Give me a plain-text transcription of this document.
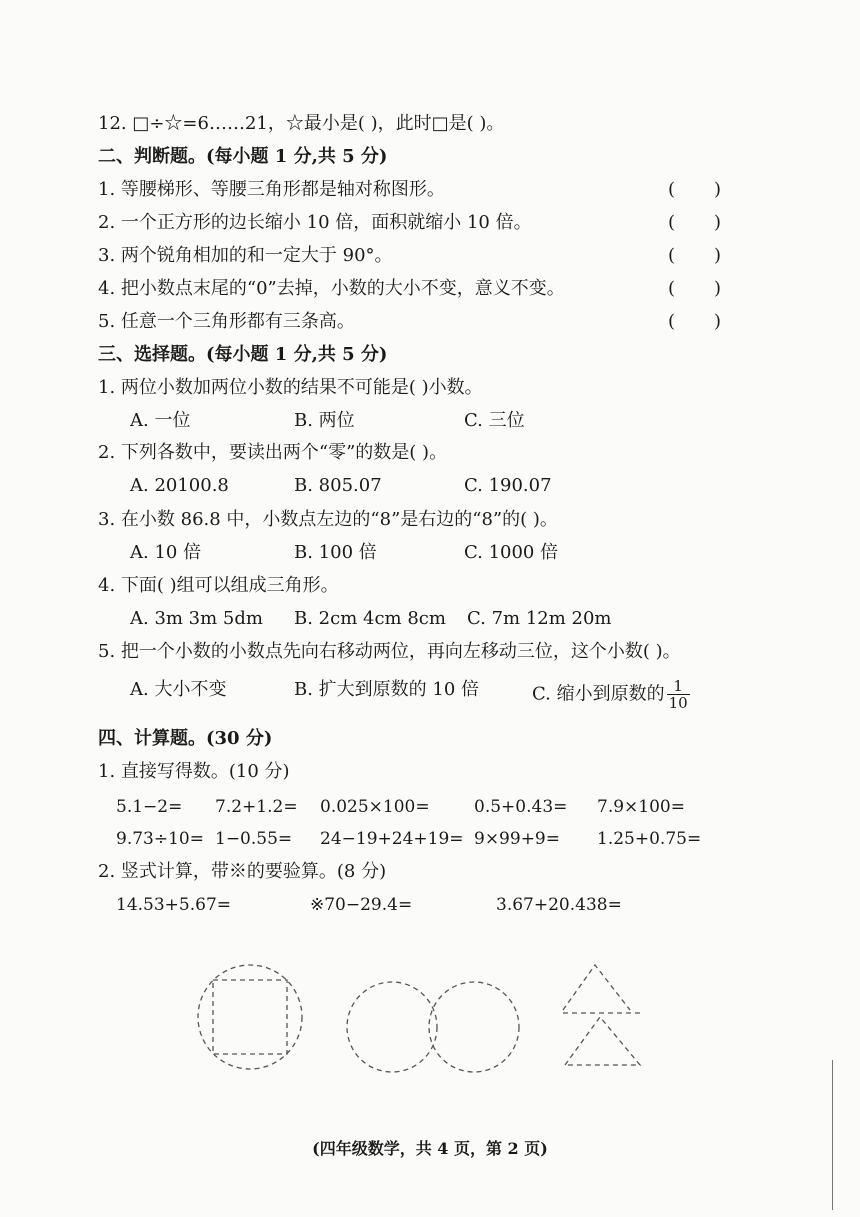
12. □÷☆=6……21，☆最小是( )，此时□是( )。
二、判断题。(每小题 1 分,共 5 分)
1. 等腰梯形、等腰三角形都是轴对称图形。	( )
2. 一个正方形的边长缩小 10 倍，面积就缩小 10 倍。	( )
3. 两个锐角相加的和一定大于 90°。	( )
4. 把小数点末尾的“0”去掉，小数的大小不变，意义不变。	( )
5. 任意一个三角形都有三条高。	( )
三、选择题。(每小题 1 分,共 5 分)
1. 两位小数加两位小数的结果不可能是( )小数。
A. 一位	B. 两位	C. 三位
2. 下列各数中，要读出两个“零”的数是( )。
A. 20100.8	B. 805.07	C. 190.07
3. 在小数 86.8 中，小数点左边的“8”是右边的“8”的( )。
A. 10 倍	B. 100 倍	C. 1000 倍
4. 下面( )组可以组成三角形。
A. 3m 3m 5dm B. 2cm 4cm 8cm C. 7m 12m 20m
5. 把一个小数的小数点先向右移动两位，再向左移动三位，这个小数( )。
A. 大小不变	B. 扩大到原数的 10 倍	C. 缩小到原数的 $\frac{1}{10}$
四、计算题。(30 分)
1. 直接写得数。(10 分)
5.1−2= 7.2+1.2= 0.025×100=	0.5+0.43= 7.9×100=
9.73÷10= 1−0.55= 24−19+24+19= 9×99+9= 1.25+0.75=
2. 竖式计算，带※的要验算。(8 分)
14.53+5.67=	※70−29.4=	3.67+20.438=
(四年级数学，共 4 页，第 2 页)
